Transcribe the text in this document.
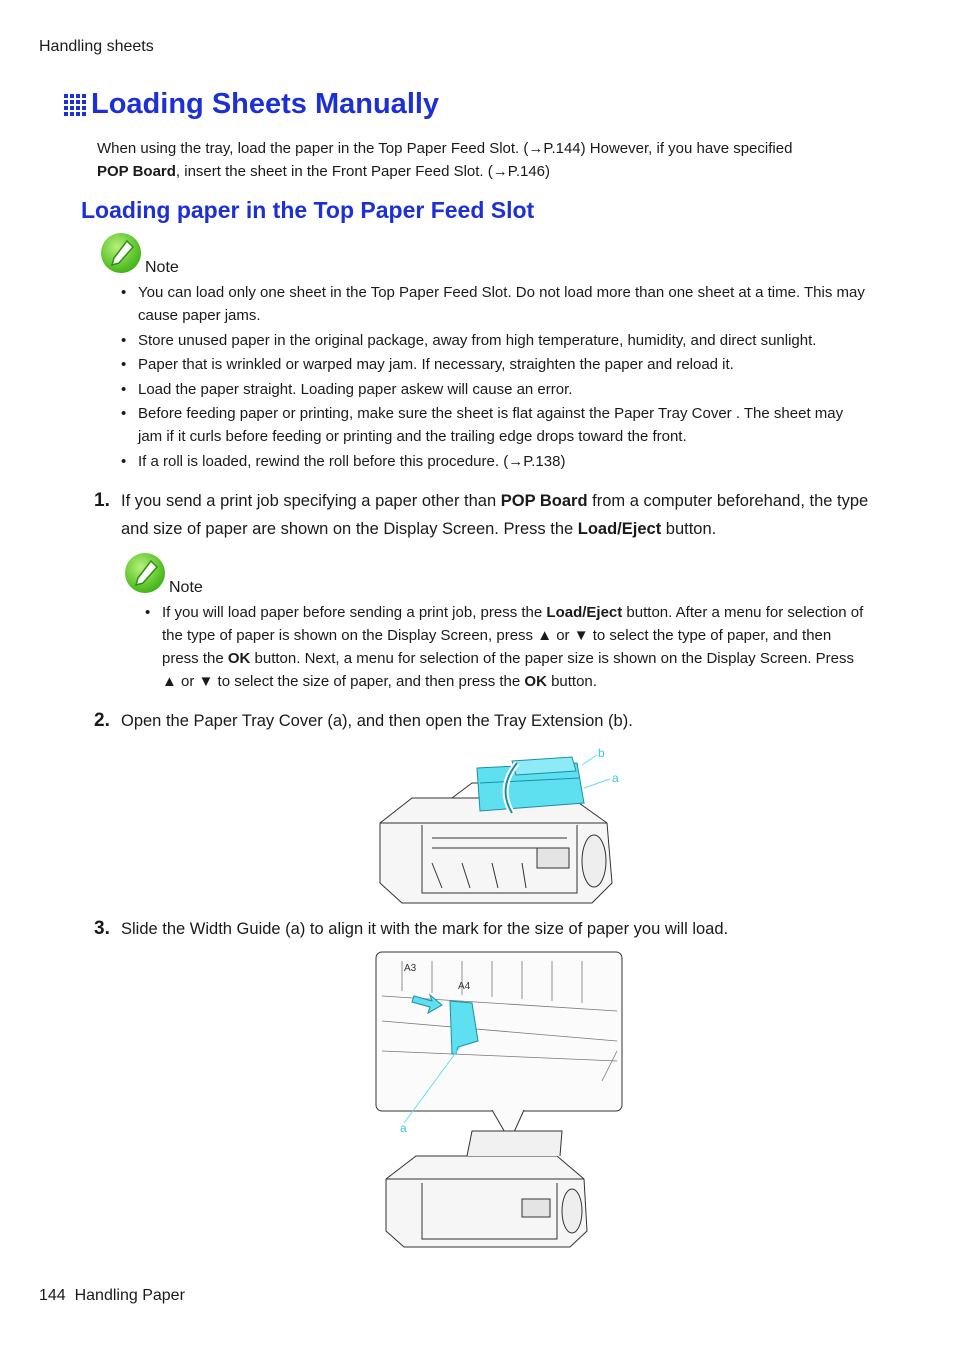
Handling sheets
Loading Sheets Manually
When using the tray, load the paper in the Top Paper Feed Slot. (→P.144) However, if you have specified
POP Board, insert the sheet in the Front Paper Feed Slot. (→P.146)
Loading paper in the Top Paper Feed Slot
Note
• You can load only one sheet in the Top Paper Feed Slot. Do not load more than one sheet at a time. This may cause paper jams.
• Store unused paper in the original package, away from high temperature, humidity, and direct sunlight.
• Paper that is wrinkled or warped may jam. If necessary, straighten the paper and reload it.
• Load the paper straight. Loading paper askew will cause an error.
• Before feeding paper or printing, make sure the sheet is flat against the Paper Tray Cover . The sheet may jam if it curls before feeding or printing and the trailing edge drops toward the front.
• If a roll is loaded, rewind the roll before this procedure. (→P.138)
1. If you send a print job specifying a paper other than POP Board from a computer beforehand, the type and size of paper are shown on the Display Screen. Press the Load/Eject button.
Note
• If you will load paper before sending a print job, press the Load/Eject button. After a menu for selection of the type of paper is shown on the Display Screen, press ▲ or ▼ to select the type of paper, and then press the OK button. Next, a menu for selection of the paper size is shown on the Display Screen. Press ▲ or ▼ to select the size of paper, and then press the OK button.
2. Open the Paper Tray Cover (a), and then open the Tray Extension (b).
b
a
3. Slide the Width Guide (a) to align it with the mark for the size of paper you will load.
A3
A4
a
144 Handling Paper
